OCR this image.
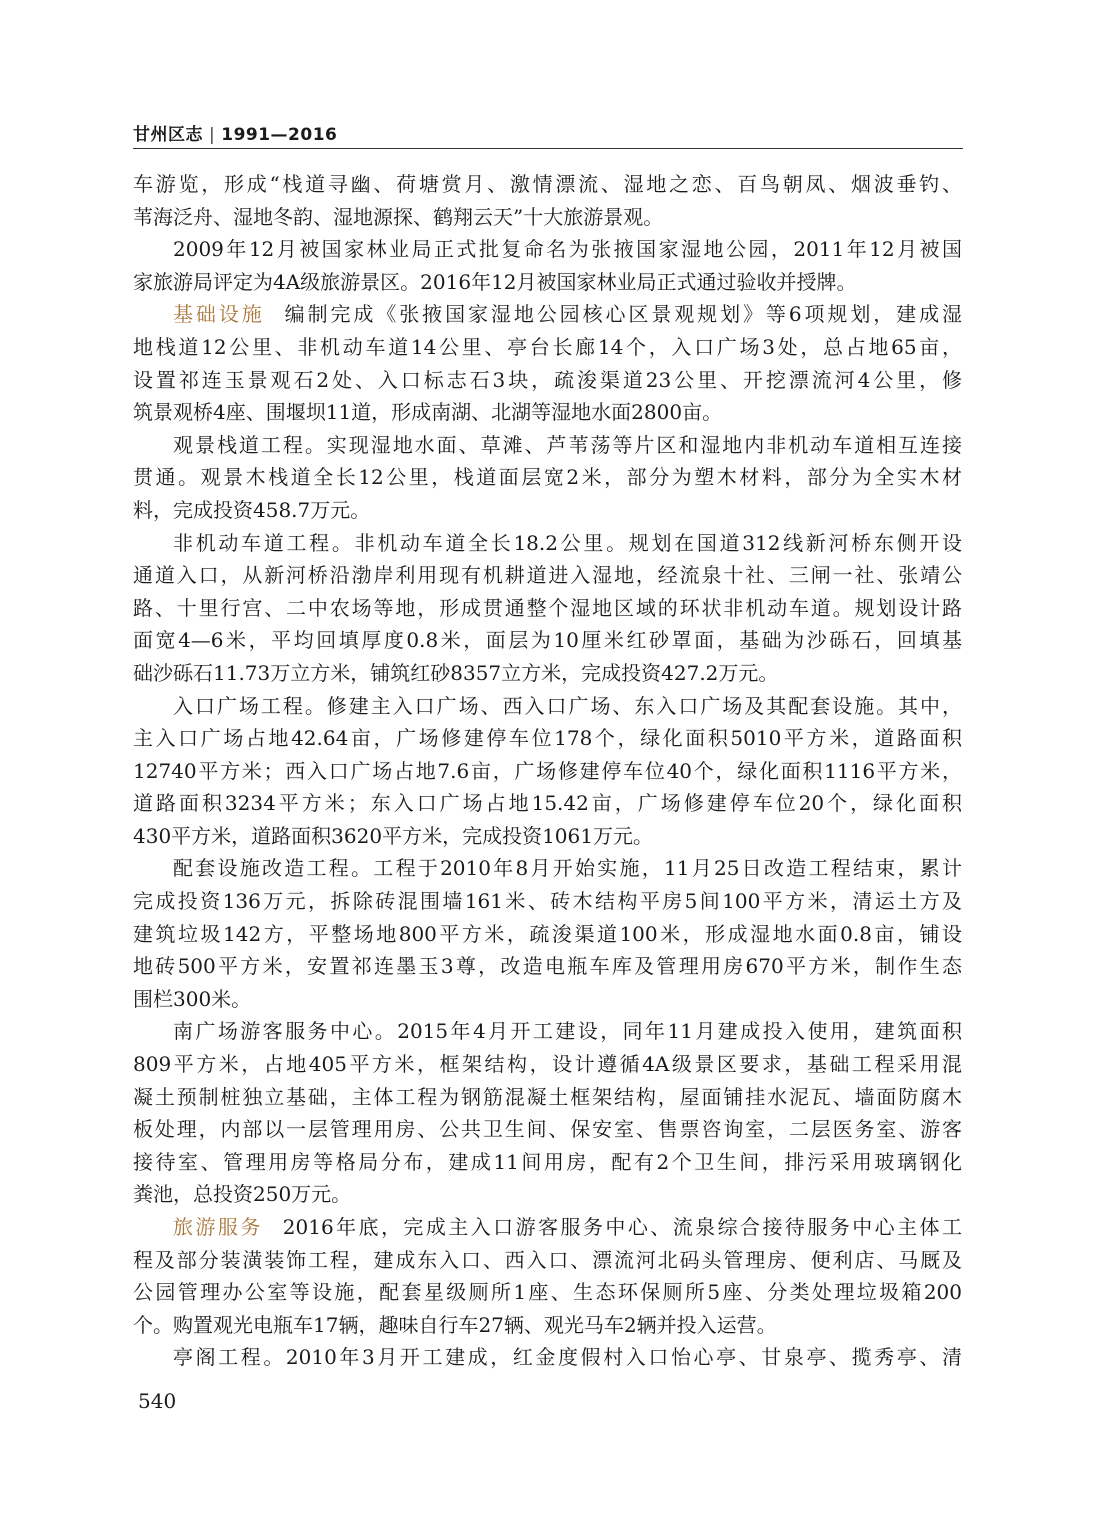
甘州区志 | 1991—2016
车游览，形成“栈道寻幽、荷塘赏月、激情漂流、湿地之恋、百鸟朝凤、烟波垂钓、
苇海泛舟、湿地冬韵、湿地源探、鹤翔云天”十大旅游景观。
2009年12月被国家林业局正式批复命名为张掖国家湿地公园，2011年12月被国
家旅游局评定为4A级旅游景区。2016年12月被国家林业局正式通过验收并授牌。
基础设施 编制完成《张掖国家湿地公园核心区景观规划》等6项规划，建成湿
地栈道12公里、非机动车道14公里、亭台长廊14个，入口广场3处，总占地65亩，
设置祁连玉景观石2处、入口标志石3块，疏浚渠道23公里、开挖漂流河4公里，修
筑景观桥4座、围堰坝11道，形成南湖、北湖等湿地水面2800亩。
观景栈道工程。实现湿地水面、草滩、芦苇荡等片区和湿地内非机动车道相互连接
贯通。观景木栈道全长12公里，栈道面层宽2米，部分为塑木材料，部分为全实木材
料，完成投资458.7万元。
非机动车道工程。非机动车道全长18.2公里。规划在国道312线新河桥东侧开设
通道入口，从新河桥沿渤岸利用现有机耕道进入湿地，经流泉十社、三闸一社、张靖公
路、十里行宫、二中农场等地，形成贯通整个湿地区域的环状非机动车道。规划设计路
面宽4—6米，平均回填厚度0.8米，面层为10厘米红砂罩面，基础为沙砾石，回填基
础沙砾石11.73万立方米，铺筑红砂8357立方米，完成投资427.2万元。
入口广场工程。修建主入口广场、西入口广场、东入口广场及其配套设施。其中，
主入口广场占地42.64亩，广场修建停车位178个，绿化面积5010平方米，道路面积
12740平方米；西入口广场占地7.6亩，广场修建停车位40个，绿化面积1116平方米，
道路面积3234平方米；东入口广场占地15.42亩，广场修建停车位20个，绿化面积
430平方米，道路面积3620平方米，完成投资1061万元。
配套设施改造工程。工程于2010年8月开始实施，11月25日改造工程结束，累计
完成投资136万元，拆除砖混围墙161米、砖木结构平房5间100平方米，清运土方及
建筑垃圾142方，平整场地800平方米，疏浚渠道100米，形成湿地水面0.8亩，铺设
地砖500平方米，安置祁连墨玉3尊，改造电瓶车库及管理用房670平方米，制作生态
围栏300米。
南广场游客服务中心。2015年4月开工建设，同年11月建成投入使用，建筑面积
809平方米，占地405平方米，框架结构，设计遵循4A级景区要求，基础工程采用混
凝土预制桩独立基础，主体工程为钢筋混凝土框架结构，屋面铺挂水泥瓦、墙面防腐木
板处理，内部以一层管理用房、公共卫生间、保安室、售票咨询室，二层医务室、游客
接待室、管理用房等格局分布，建成11间用房，配有2个卫生间，排污采用玻璃钢化
粪池，总投资250万元。
旅游服务 2016年底，完成主入口游客服务中心、流泉综合接待服务中心主体工
程及部分装潢装饰工程，建成东入口、西入口、漂流河北码头管理房、便利店、马厩及
公园管理办公室等设施，配套星级厕所1座、生态环保厕所5座、分类处理垃圾箱200
个。购置观光电瓶车17辆，趣味自行车27辆、观光马车2辆并投入运营。
亭阁工程。2010年3月开工建成，红金度假村入口怡心亭、甘泉亭、揽秀亭、清
540
